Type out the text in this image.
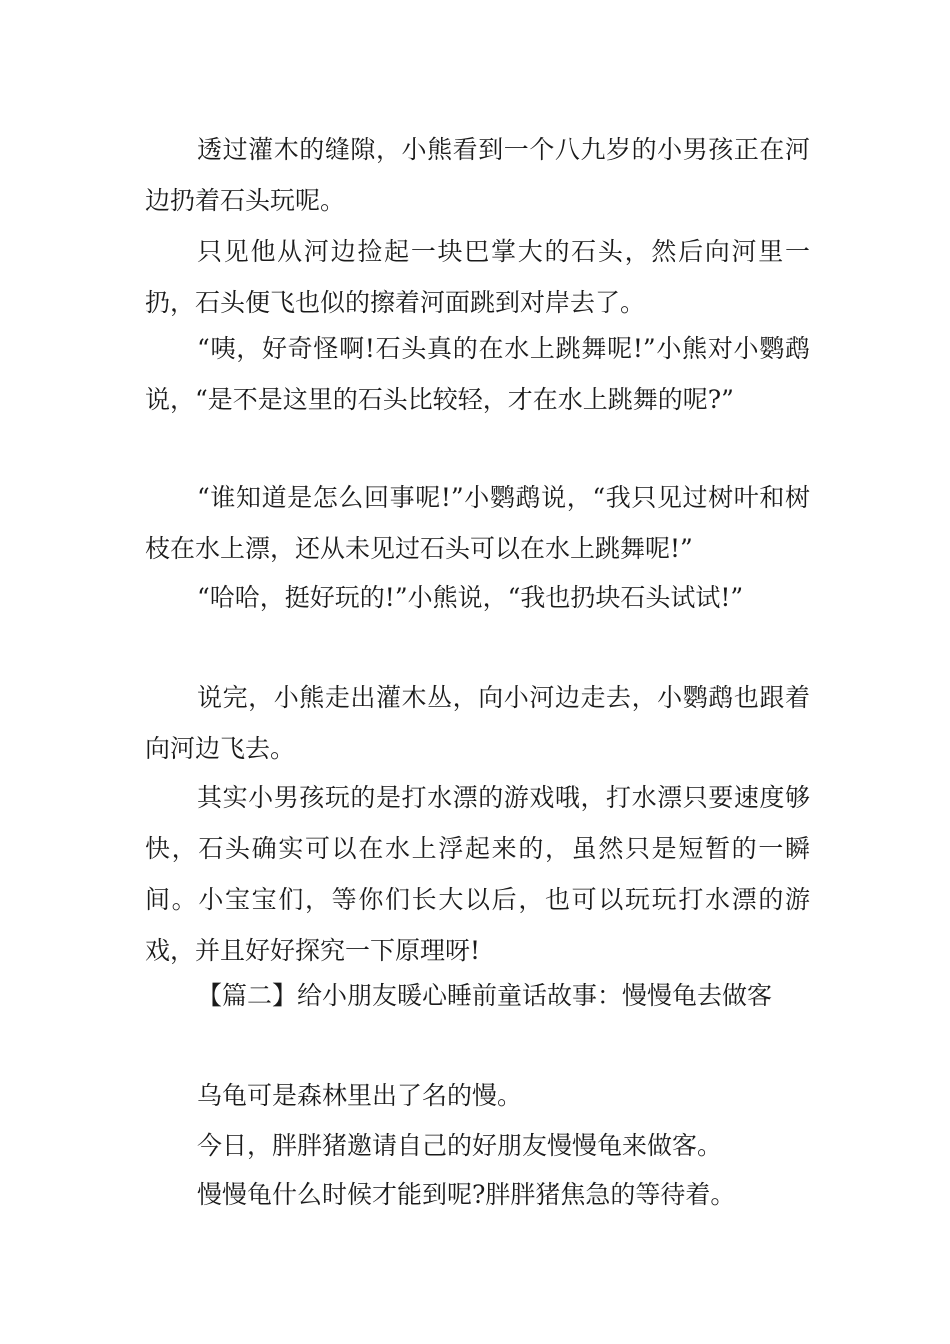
透过灌木的缝隙，小熊看到一个八九岁的小男孩正在河边扔着石头玩呢。

只见他从河边捡起一块巴掌大的石头，然后向河里一扔，石头便飞也似的擦着河面跳到对岸去了。

“咦，好奇怪啊!石头真的在水上跳舞呢!”小熊对小鹦鹉说，“是不是这里的石头比较轻，才在水上跳舞的呢?”

“谁知道是怎么回事呢!”小鹦鹉说，“我只见过树叶和树枝在水上漂，还从未见过石头可以在水上跳舞呢!”

“哈哈，挺好玩的!”小熊说，“我也扔块石头试试!”

说完，小熊走出灌木丛，向小河边走去，小鹦鹉也跟着向河边飞去。

其实小男孩玩的是打水漂的游戏哦，打水漂只要速度够快，石头确实可以在水上浮起来的，虽然只是短暂的一瞬间。小宝宝们，等你们长大以后，也可以玩玩打水漂的游戏，并且好好探究一下原理呀!

【篇二】给小朋友暖心睡前童话故事：慢慢龟去做客

乌龟可是森林里出了名的慢。

今日，胖胖猪邀请自己的好朋友慢慢龟来做客。

慢慢龟什么时候才能到呢?胖胖猪焦急的等待着。
